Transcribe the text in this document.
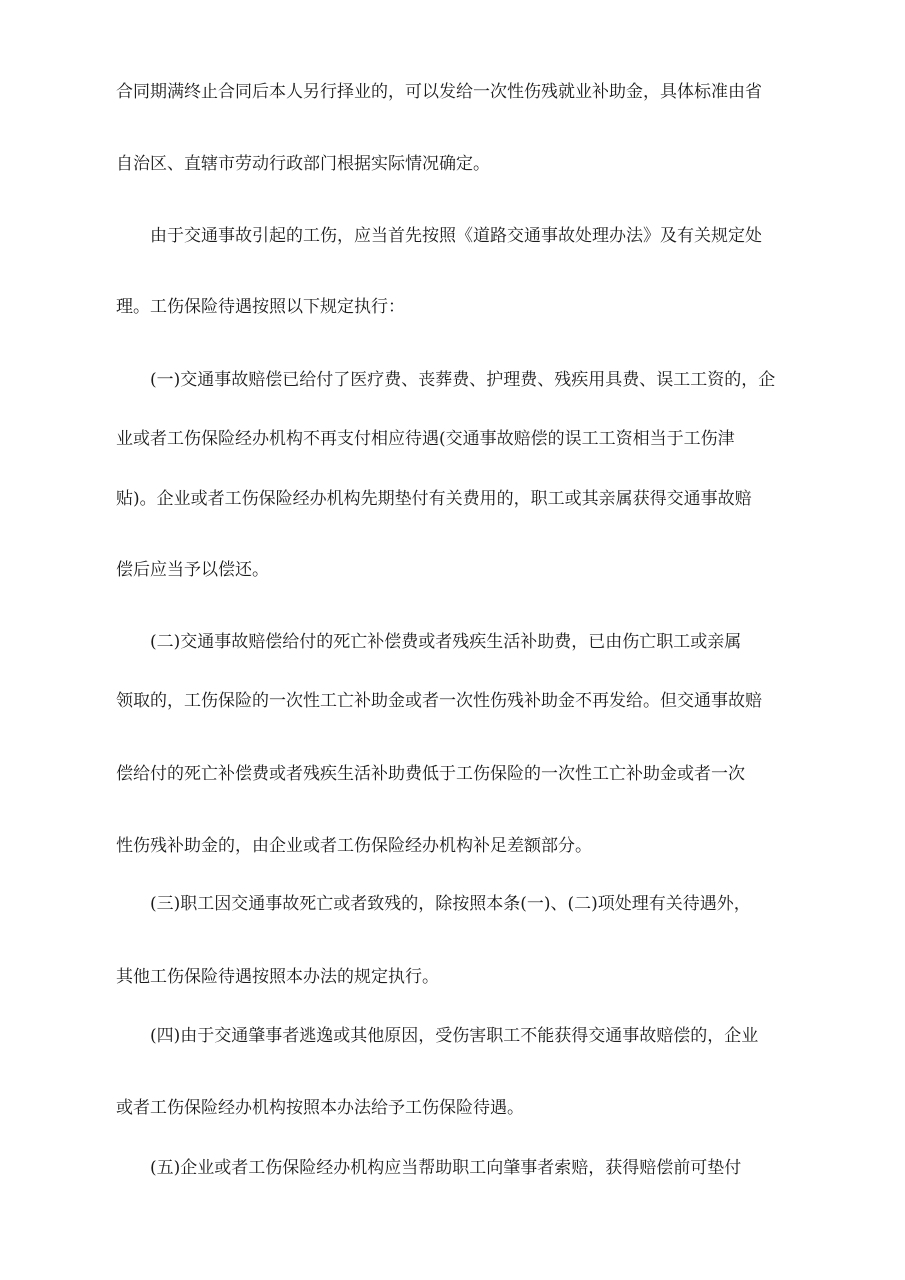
合同期满终止合同后本人另行择业的，可以发给一次性伤残就业补助金，具体标准由省
自治区、直辖市劳动行政部门根据实际情况确定。
由于交通事故引起的工伤，应当首先按照《道路交通事故处理办法》及有关规定处
理。工伤保险待遇按照以下规定执行：
(一)交通事故赔偿已给付了医疗费、丧葬费、护理费、残疾用具费、误工工资的，企
业或者工伤保险经办机构不再支付相应待遇(交通事故赔偿的误工工资相当于工伤津
贴)。企业或者工伤保险经办机构先期垫付有关费用的，职工或其亲属获得交通事故赔
偿后应当予以偿还。
(二)交通事故赔偿给付的死亡补偿费或者残疾生活补助费，已由伤亡职工或亲属
领取的，工伤保险的一次性工亡补助金或者一次性伤残补助金不再发给。但交通事故赔
偿给付的死亡补偿费或者残疾生活补助费低于工伤保险的一次性工亡补助金或者一次
性伤残补助金的，由企业或者工伤保险经办机构补足差额部分。
(三)职工因交通事故死亡或者致残的，除按照本条(一)、(二)项处理有关待遇外，
其他工伤保险待遇按照本办法的规定执行。
(四)由于交通肇事者逃逸或其他原因，受伤害职工不能获得交通事故赔偿的，企业
或者工伤保险经办机构按照本办法给予工伤保险待遇。
(五)企业或者工伤保险经办机构应当帮助职工向肇事者索赔，获得赔偿前可垫付
